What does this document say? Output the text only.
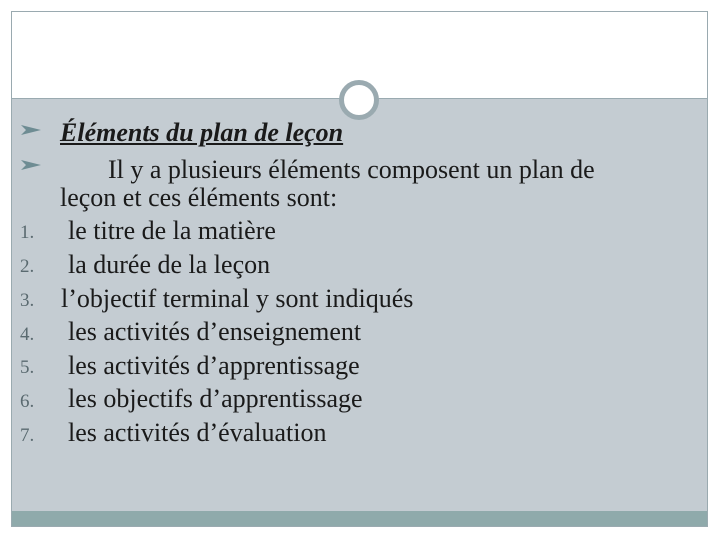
Éléments du plan de leçon
Il y a plusieurs éléments composent un plan de
leçon et ces éléments sont:
1. le titre de la matière
2. la durée de la leçon
3. l’objectif terminal y sont indiqués
4. les activités d’enseignement
5. les activités d’apprentissage
6. les objectifs d’apprentissage
7. les activités d’évaluation
